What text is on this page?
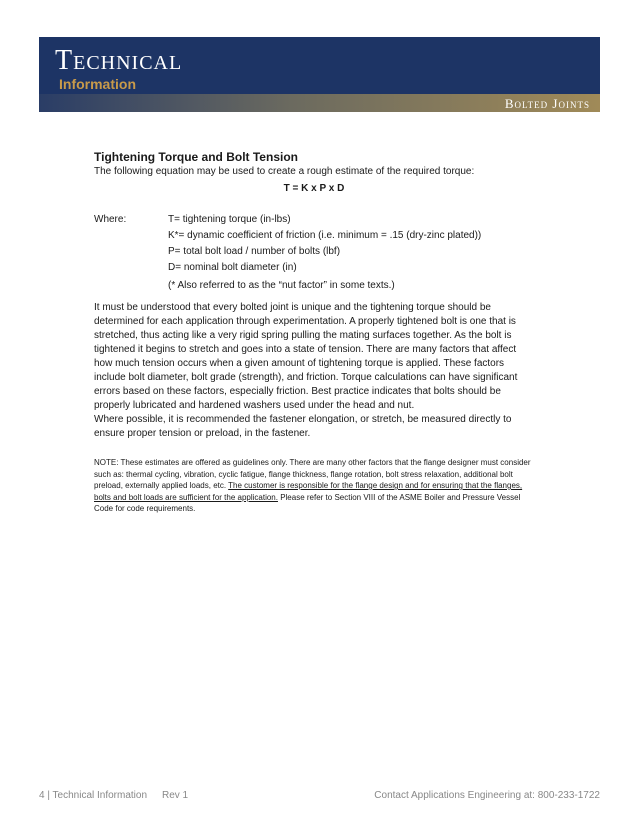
Technical
Information
Bolted Joints
Tightening Torque and Bolt Tension
The following equation may be used to create a rough estimate of the required torque:
T = K x P x D
Where:	T= tightening torque (in-lbs)
K*= dynamic coefficient of friction (i.e. minimum = .15 (dry-zinc plated))
P= total bolt load / number of bolts (lbf)
D= nominal bolt diameter (in)
(* Also referred to as the “nut factor” in some texts.)

It must be understood that every bolted joint is unique and the tightening torque should be determined for each application through experimentation. A properly tightened bolt is one that is stretched, thus acting like a very rigid spring pulling the mating surfaces together. As the bolt is tightened it begins to stretch and goes into a state of tension. There are many factors that affect how much tension occurs when a given amount of tightening torque is applied. These factors include bolt diameter, bolt grade (strength), and friction. Torque calculations can have significant errors based on these factors, especially friction. Best practice indicates that bolts should be properly lubricated and hardened washers used under the head and nut.

Where possible, it is recommended the fastener elongation, or stretch, be measured directly to ensure proper tension or preload, in the fastener.

NOTE: These estimates are offered as guidelines only. There are many other factors that the flange designer must consider such as: thermal cycling, vibration, cyclic fatigue, flange thickness, flange rotation, bolt stress relaxation, additional bolt preload, externally applied loads, etc. The customer is responsible for the flange design and for ensuring that the flanges, bolts and bolt loads are sufficient for the application. Please refer to Section VIII of the ASME Boiler and Pressure Vessel Code for code requirements.

4 | Technical Information Rev 1	Contact Applications Engineering at: 800-233-1722
